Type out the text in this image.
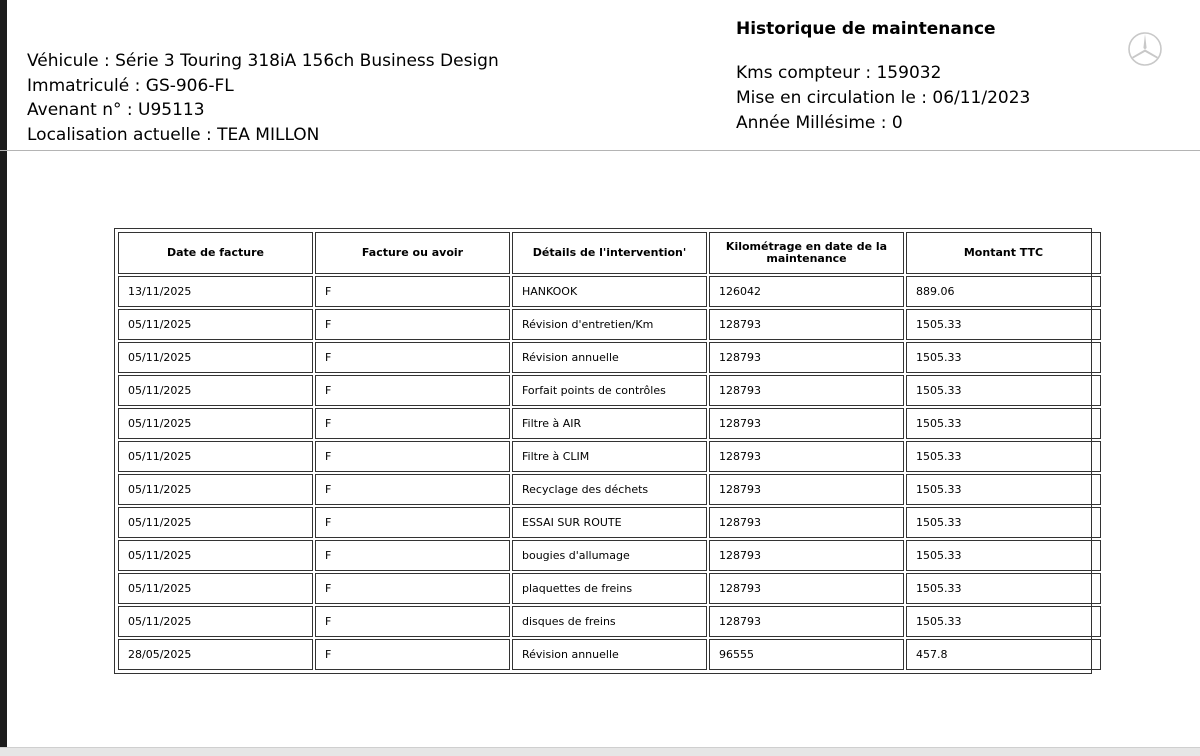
Véhicule : Série 3 Touring 318iA 156ch Business Design
Immatriculé : GS-906-FL
Avenant n° : U95113
Localisation actuelle : TEA MILLON
Historique de maintenance
Kms compteur : 159032
Mise en circulation le : 06/11/2023
Année Millésime : 0
Date de facture	Facture ou avoir	Détails de l'intervention'	Kilométrage en date de la maintenance	Montant TTC
13/11/2025	F	HANKOOK	126042	889.06
05/11/2025	F	Révision d'entretien/Km	128793	1505.33
05/11/2025	F	Révision annuelle	128793	1505.33
05/11/2025	F	Forfait points de contrôles	128793	1505.33
05/11/2025	F	Filtre à AIR	128793	1505.33
05/11/2025	F	Filtre à CLIM	128793	1505.33
05/11/2025	F	Recyclage des déchets	128793	1505.33
05/11/2025	F	ESSAI SUR ROUTE	128793	1505.33
05/11/2025	F	bougies d'allumage	128793	1505.33
05/11/2025	F	plaquettes de freins	128793	1505.33
05/11/2025	F	disques de freins	128793	1505.33
28/05/2025	F	Révision annuelle	96555	457.8
